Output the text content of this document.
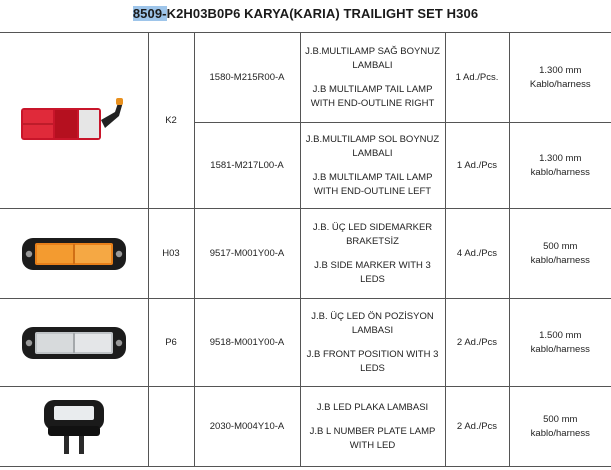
8509-K2H03B0P6 KARYA(KARIA) TRAILIGHT SET H306
	K2	1580-M215R00-A	J.B.MULTILAMP SAĞ BOYNUZ LAMBALI

J.B MULTILAMP TAIL LAMP WITH END-OUTLINE RIGHT	1 Ad./Pcs.	1.300 mm Kablo/harness
		1581-M217L00-A	J.B.MULTILAMP SOL BOYNUZ LAMBALI

J.B MULTILAMP TAIL LAMP WITH END-OUTLINE LEFT	1 Ad./Pcs	1.300 mm kablo/harness

	H03	9517-M001Y00-A	J.B. ÜÇ LED SIDEMARKER BRAKETSİZ

J.B SIDE MARKER WITH 3 LEDS	4 Ad./Pcs	500 mm kablo/harness

	P6	9518-M001Y00-A	J.B. ÜÇ LED ÖN POZİSYON LAMBASI

J.B FRONT POSITION WITH 3 LEDS	2 Ad./Pcs	1.500 mm kablo/harness

		2030-M004Y10-A	J.B LED PLAKA LAMBASI

J.B L NUMBER PLATE LAMP WITH LED	2 Ad./Pcs	500 mm kablo/harness
